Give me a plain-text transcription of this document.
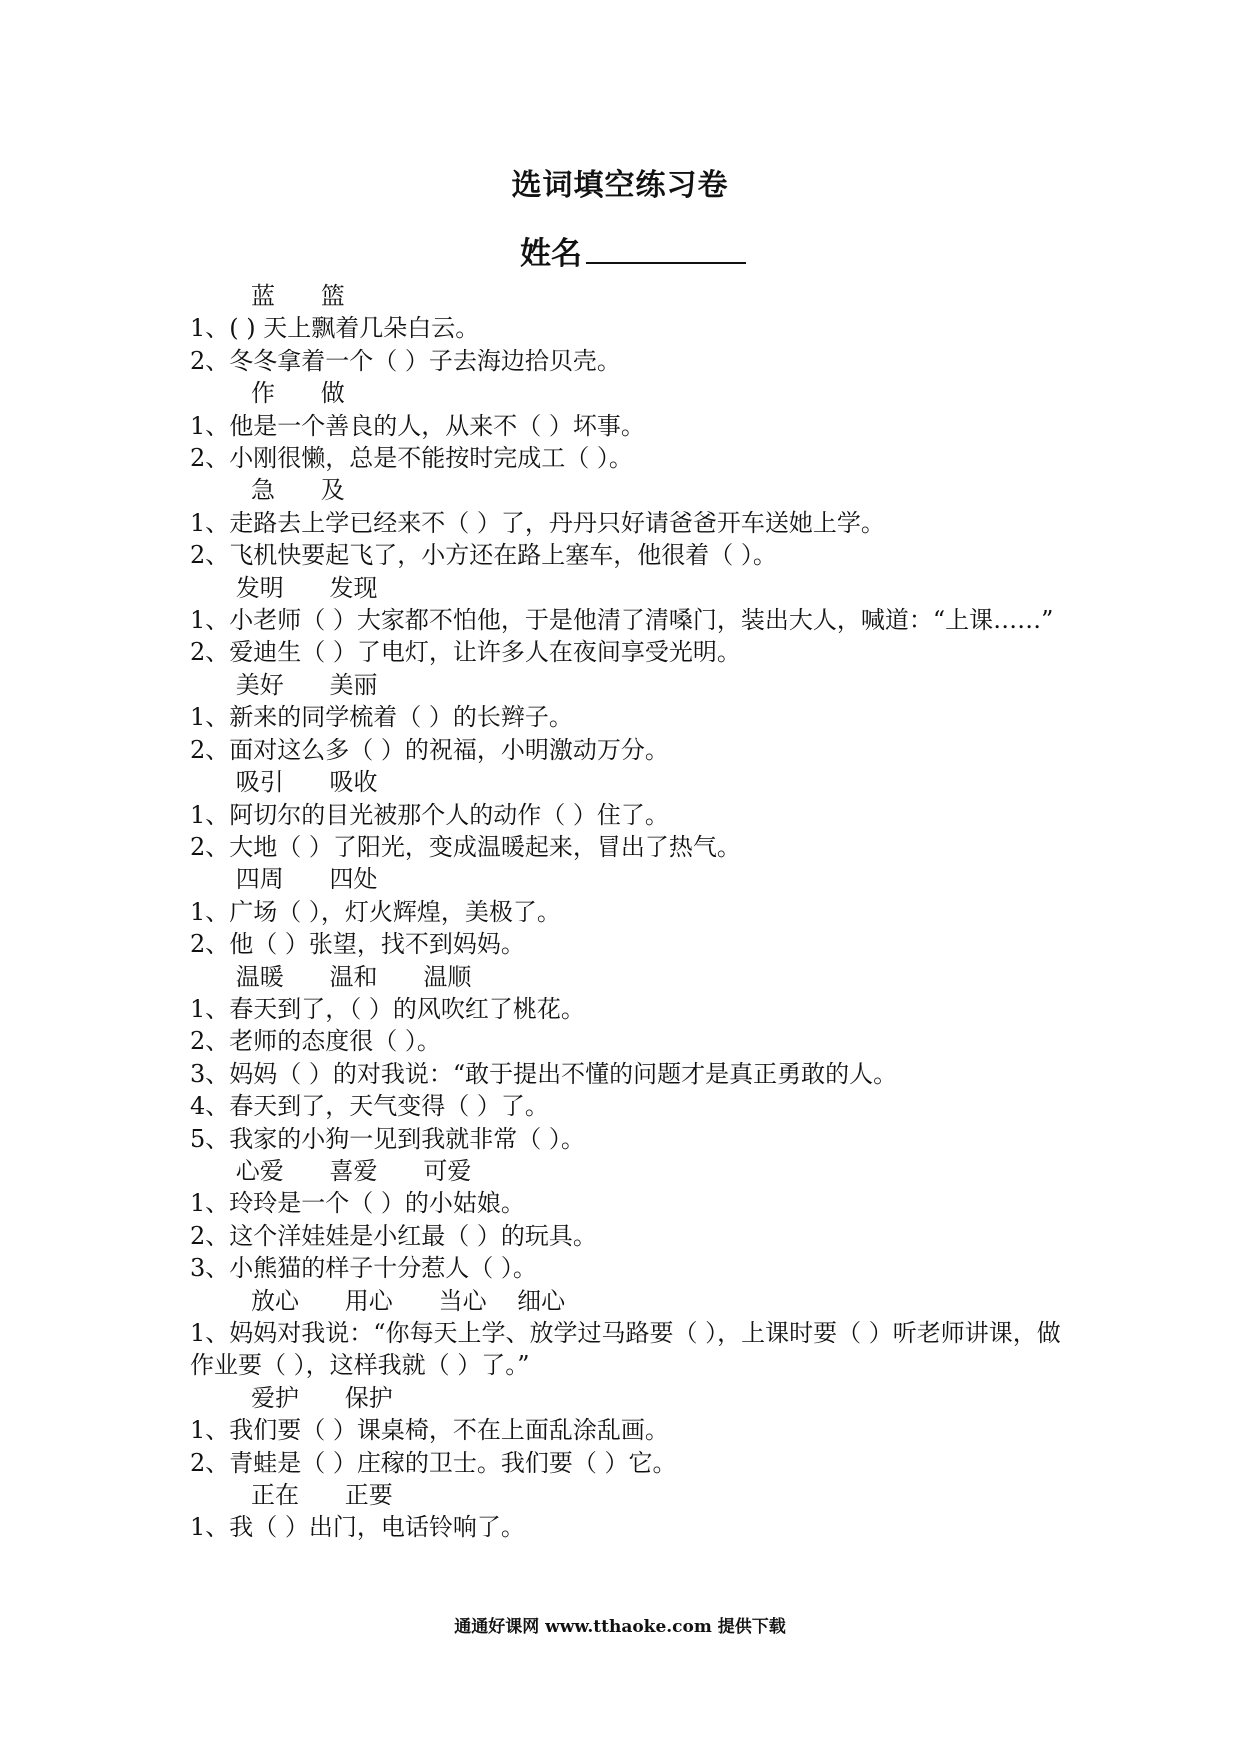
选词填空练习卷
姓名
蓝      篮
1、( ) 天上飘着几朵白云。
2、冬冬拿着一个（ ）子去海边拾贝壳。
作      做
1、他是一个善良的人，从来不（ ）坏事。
2、小刚很懒，总是不能按时完成工（ ）。
急      及
1、走路去上学已经来不（ ）了，丹丹只好请爸爸开车送她上学。
2、飞机快要起飞了，小方还在路上塞车，他很着（ ）。
发明      发现
1、小老师（ ）大家都不怕他，于是他清了清嗓门，装出大人，喊道：“上课……”
2、爱迪生（ ）了电灯，让许多人在夜间享受光明。
美好      美丽
1、新来的同学梳着（ ）的长辫子。
2、面对这么多（ ）的祝福，小明激动万分。
吸引      吸收
1、阿切尔的目光被那个人的动作（ ）住了。
2、大地（ ）了阳光，变成温暖起来，冒出了热气。
四周      四处
1、广场（ ），灯火辉煌，美极了。
2、他（ ）张望，找不到妈妈。
温暖      温和      温顺
1、春天到了，（ ）的风吹红了桃花。
2、老师的态度很（ ）。
3、妈妈（ ）的对我说：“敢于提出不懂的问题才是真正勇敢的人。
4、春天到了，天气变得（ ）了。
5、我家的小狗一见到我就非常（ ）。
心爱      喜爱      可爱
1、玲玲是一个（ ）的小姑娘。
2、这个洋娃娃是小红最（ ）的玩具。
3、小熊猫的样子十分惹人（ ）。
放心      用心      当心    细心
1、妈妈对我说：“你每天上学、放学过马路要（ ），上课时要（ ）听老师讲课，做作业要（ ），这样我就（ ）了。”
爱护      保护
1、我们要（ ）课桌椅，不在上面乱涂乱画。
2、青蛙是（ ）庄稼的卫士。我们要（ ）它。
正在      正要
1、我（ ）出门，电话铃响了。
通通好课网 www.tthaoke.com 提供下载
